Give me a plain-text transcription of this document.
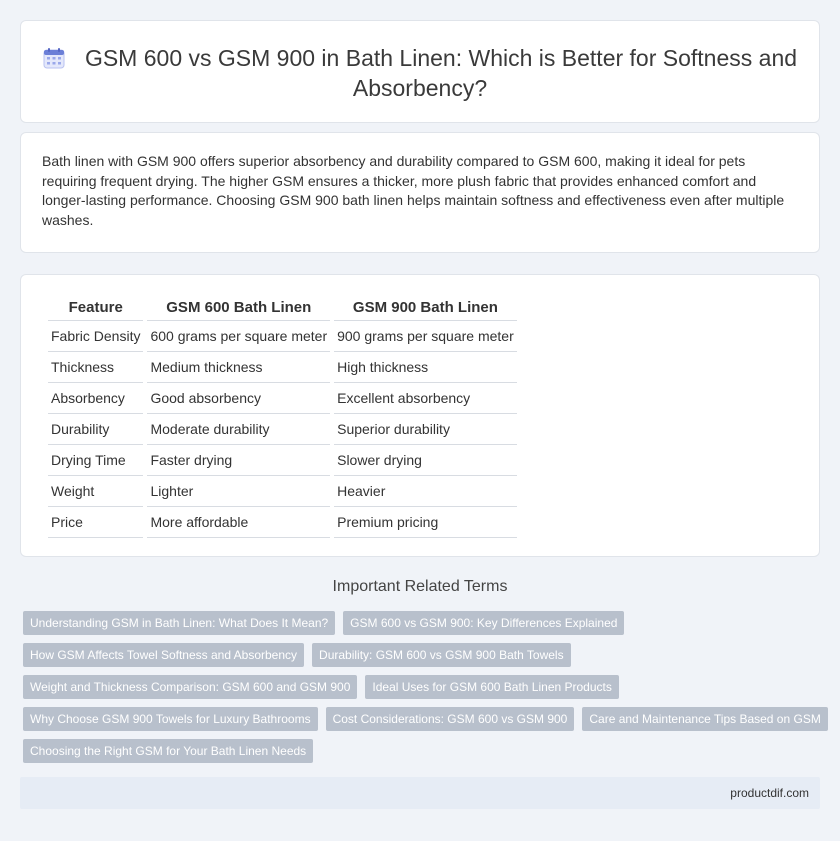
GSM 600 vs GSM 900 in Bath Linen: Which is Better for Softness and Absorbency?

Bath linen with GSM 900 offers superior absorbency and durability compared to GSM 600, making it ideal for pets requiring frequent drying. The higher GSM ensures a thicker, more plush fabric that provides enhanced comfort and longer-lasting performance. Choosing GSM 900 bath linen helps maintain softness and effectiveness even after multiple washes.

Feature	GSM 600 Bath Linen	GSM 900 Bath Linen
Fabric Density	600 grams per square meter	900 grams per square meter
Thickness	Medium thickness	High thickness
Absorbency	Good absorbency	Excellent absorbency
Durability	Moderate durability	Superior durability
Drying Time	Faster drying	Slower drying
Weight	Lighter	Heavier
Price	More affordable	Premium pricing
Important Related Terms
Understanding GSM in Bath Linen: What Does It Mean?	GSM 600 vs GSM 900: Key Differences Explained
How GSM Affects Towel Softness and Absorbency	Durability: GSM 600 vs GSM 900 Bath Towels
Weight and Thickness Comparison: GSM 600 and GSM 900	Ideal Uses for GSM 600 Bath Linen Products
Why Choose GSM 900 Towels for Luxury Bathrooms	Cost Considerations: GSM 600 vs GSM 900	Care and Maintenance Tips Based on GSM
Choosing the Right GSM for Your Bath Linen Needs
productdif.com
